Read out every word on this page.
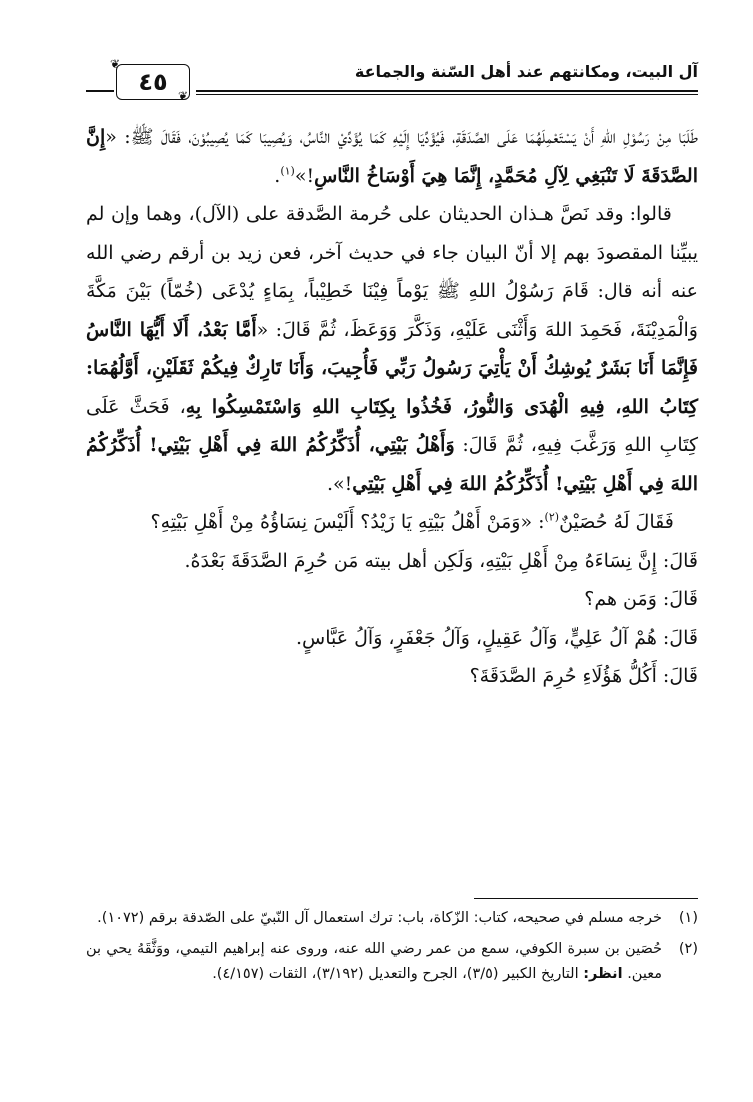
آل البيت، ومكانتهم عند أهل السّنة والجماعة
٤٥
❦
❦

طَلَبَا مِنْ رَسُوْلِ اللهِ أَنْ يَسْتَعْمِلَهُمَا عَلَى الصَّدَقَةِ، فَيُؤَدِّيَا إِلَيْهِ كَمَا يُؤَدِّيْ النَّاسُ، وَيُصِيبَا كَمَا يُصِيبُوْنَ، فَقَالَ ﷺ: «إِنَّ الصَّدَقَةَ لَا تَنْبَغِي لِآلِ مُحَمَّدٍ، إِنَّمَا هِيَ أَوْسَاخُ النَّاسِ!»$^{(١)}$.

قالوا: وقد نَصَّ هـذان الحديثان على حُرمة الصَّدقة على (الآل)، وهما وإن لم يبيِّنا المقصودَ بهم إلا أنّ البيان جاء في حديث آخر، فعن زيد بن أرقم رضي الله عنه أنه قال: قَامَ رَسُوْلُ اللهِ ﷺ يَوْماً فِيْنَا خَطِيْباً، بِمَاءٍ يُدْعَى (خُمّاً) بَيْنَ مَكَّةَ وَالْمَدِيْنَةَ، فَحَمِدَ اللهَ وَأَثْنَى عَلَيْهِ، وَذَكَّرَ وَوَعَظَ، ثُمَّ قَالَ: «أَمَّا بَعْدُ، أَلَا أَيُّهَا النَّاسُ فَإِنَّمَا أَنَا بَشَرٌ يُوشِكُ أَنْ يَأْتِيَ رَسُولُ رَبِّي فَأُجِيبَ، وَأَنَا تَارِكٌ فِيكُمْ ثَقَلَيْنِ، أَوَّلُهُمَا: كِتَابُ اللهِ، فِيهِ الْهُدَى وَالنُّورُ، فَخُذُوا بِكِتَابِ اللهِ وَاسْتَمْسِكُوا بِهِ، فَحَثَّ عَلَى كِتَابِ اللهِ وَرَغَّبَ فِيهِ، ثُمَّ قَالَ: وَأَهْلُ بَيْتِي، أُذَكِّرُكُمُ اللهَ فِي أَهْلِ بَيْتِي! أُذَكِّرُكُمُ اللهَ فِي أَهْلِ بَيْتِي! أُذَكِّرُكُمُ اللهَ فِي أَهْلِ بَيْتِي!».

فَقَالَ لَهُ حُصَيْنٌ$^{(٢)}$: «وَمَنْ أَهْلُ بَيْتِهِ يَا زَيْدُ؟ أَلَيْسَ نِسَاؤُهُ مِنْ أَهْلِ بَيْتِهِ؟

قَالَ: إِنَّ نِسَاءَهُ مِنْ أَهْلِ بَيْتِهِ، وَلَكِن أهل بيته مَن حُرِمَ الصَّدَقَةَ بَعْدَهُ.

قَالَ: وَمَن هم؟

قَالَ: هُمْ آلُ عَلِيٍّ، وَآلُ عَقِيلٍ، وَآلُ جَعْفَرٍ، وَآلُ عَبَّاسٍ.

قَالَ: أَكُلُّ هَؤُلَاءِ حُرِمَ الصَّدَقَةَ؟

(١)
خرجه مسلم في صحيحه، كتاب: الزّكاة، باب: ترك استعمال آل النّبيّ على الصّدقة برقم (١٠٧٢).
(٢)
حُصَين بن سبرة الكوفي، سمع من عمر رضي الله عنه، وروى عنه إبراهيم التيمي، ووَثَّقَهُ يحي بن معين. انظر: التاريخ الكبير (٣/٥)، الجرح والتعديل (٣/١٩٢)، الثقات (٤/١٥٧).
